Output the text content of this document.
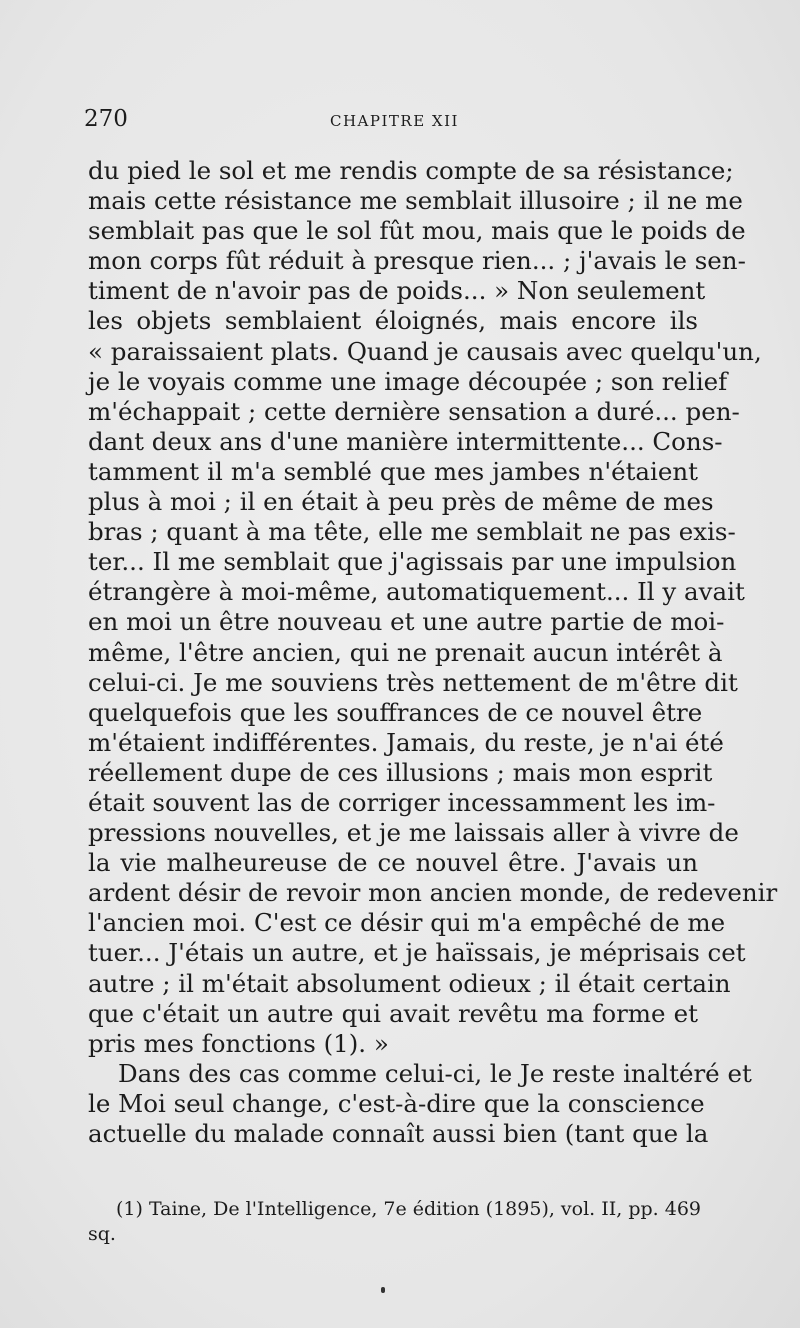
270	CHAPITRE XII
du pied le sol et me rendis compte de sa résistance;
mais cette résistance me semblait illusoire ; il ne me
semblait pas que le sol fût mou, mais que le poids de
mon corps fût réduit à presque rien... ; j'avais le sen-
timent de n'avoir pas de poids... » Non seulement
les objets semblaient éloignés, mais encore ils
« paraissaient plats. Quand je causais avec quelqu'un,
je le voyais comme une image découpée ; son relief
m'échappait ; cette dernière sensation a duré... pen-
dant deux ans d'une manière intermittente... Cons-
tamment il m'a semblé que mes jambes n'étaient
plus à moi ; il en était à peu près de même de mes
bras ; quant à ma tête, elle me semblait ne pas exis-
ter... Il me semblait que j'agissais par une impulsion
étrangère à moi-même, automatiquement... Il y avait
en moi un être nouveau et une autre partie de moi-
même, l'être ancien, qui ne prenait aucun intérêt à
celui-ci. Je me souviens très nettement de m'être dit
quelquefois que les souffrances de ce nouvel être
m'étaient indifférentes. Jamais, du reste, je n'ai été
réellement dupe de ces illusions ; mais mon esprit
était souvent las de corriger incessamment les im-
pressions nouvelles, et je me laissais aller à vivre de
la vie malheureuse de ce nouvel être. J'avais un
ardent désir de revoir mon ancien monde, de redevenir
l'ancien moi. C'est ce désir qui m'a empêché de me
tuer... J'étais un autre, et je haïssais, je méprisais cet
autre ; il m'était absolument odieux ; il était certain
que c'était un autre qui avait revêtu ma forme et
pris mes fonctions (1). »
Dans des cas comme celui-ci, le Je reste inaltéré et
le Moi seul change, c'est-à-dire que la conscience
actuelle du malade connaît aussi bien (tant que la
(1) Taine, De l'Intelligence, 7e édition (1895), vol. II, pp. 469
sq.
